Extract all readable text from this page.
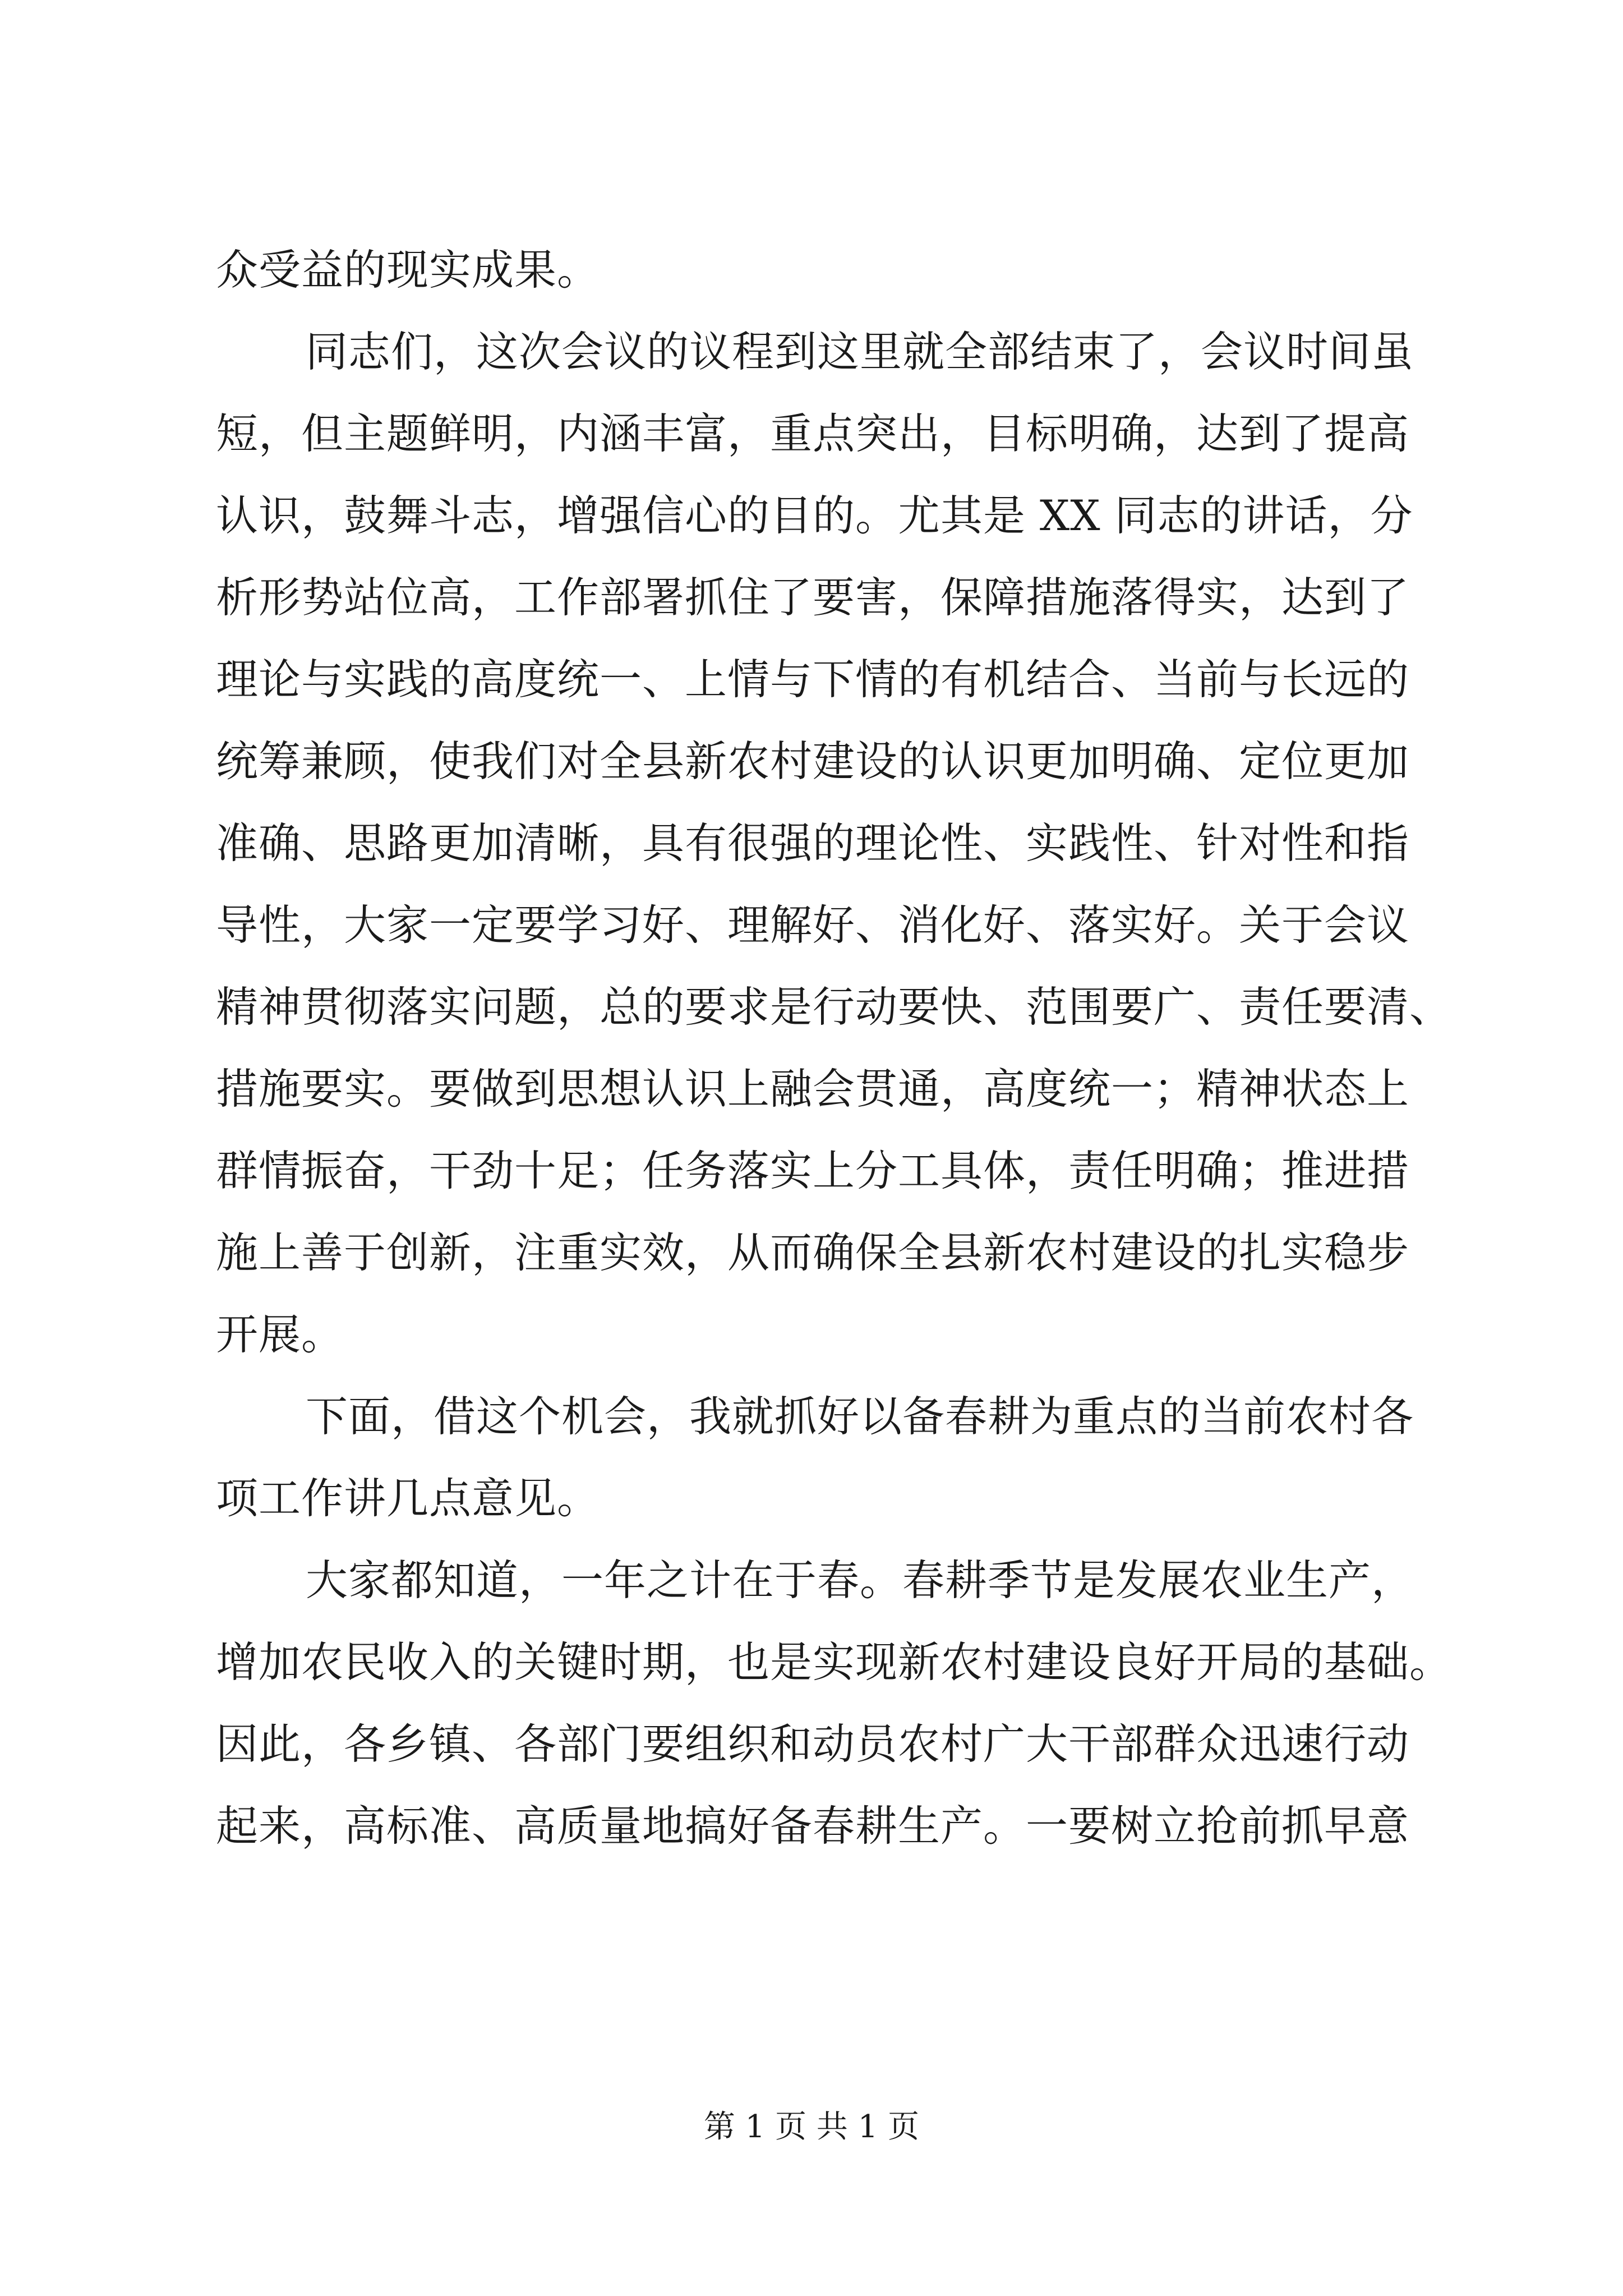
众受益的现实成果。
同志们，这次会议的议程到这里就全部结束了，会议时间虽
短，但主题鲜明，内涵丰富，重点突出，目标明确，达到了提高
认识，鼓舞斗志，增强信心的目的。尤其是 XX 同志的讲话，分
析形势站位高，工作部署抓住了要害，保障措施落得实，达到了
理论与实践的高度统一、上情与下情的有机结合、当前与长远的
统筹兼顾，使我们对全县新农村建设的认识更加明确、定位更加
准确、思路更加清晰，具有很强的理论性、实践性、针对性和指
导性，大家一定要学习好、理解好、消化好、落实好。关于会议
精神贯彻落实问题，总的要求是行动要快、范围要广、责任要清、
措施要实。要做到思想认识上融会贯通，高度统一；精神状态上
群情振奋，干劲十足；任务落实上分工具体，责任明确；推进措
施上善于创新，注重实效，从而确保全县新农村建设的扎实稳步
开展。
下面，借这个机会，我就抓好以备春耕为重点的当前农村各
项工作讲几点意见。
大家都知道，一年之计在于春。春耕季节是发展农业生产，
增加农民收入的关键时期，也是实现新农村建设良好开局的基础。
因此，各乡镇、各部门要组织和动员农村广大干部群众迅速行动
起来，高标准、高质量地搞好备春耕生产。一要树立抢前抓早意
第 1 页 共 1 页
